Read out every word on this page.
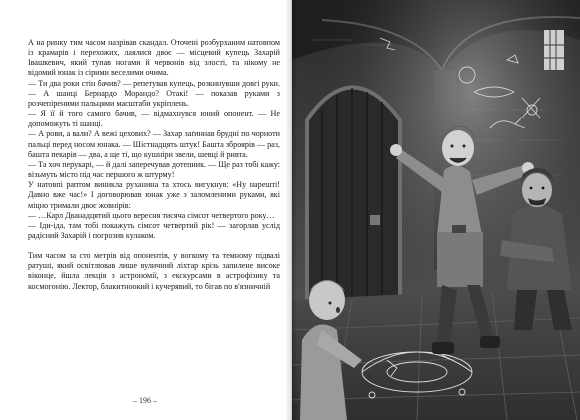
А на ринку тим часом назрівав скандал. Оточені розбурханим натовпом із крамарів і перехожих, лаялися двоє — місцевий купець Захарій Івашкевич, який тупав ногами й червонів від злості, та нікому не відомий юнак із сірими веселими очима.

— Ти два роки стін бачив? — репетував купець, розкинувши довгі руки. — А шанці Бернардо Морандо? Отакі! — показав руками з розчепіреними пальцями масштаби укріплень.

— Я її й того самого бачив, — відмахнувся юний опонент. — Не допоможуть ті шанці.

— А рови, а вали? А вежі цехових? — Захар заґиннав брудні по чорноти пальці перед носом юнака. — Шістнадцять штук! Башта зброярів — раз, башта пекарів — два, а ще ті, що кушніри звели, шевці й ривта.

— Та хоч перукарі, — й далі заперечував дотепник. — Ще раз тобі кажу: візьмуть місто під час першого ж штурму!

У натовпі раптом виникла руханина та хтось вигукнув: «Ну нарешті! Давно вже час!» І договорював юнак уже з заломленими руками, які міцно тримали двоє жовнірів:

— …Карл Дванадцятий цього вересня тисяча сімсот четвертого року…

— Іди-іда, там тобі покажуть сімсот четвертий рік! — загорлав услід радісний Захарій і погрозив кулаком.

Тим часом за сто метрів від опонентів, у вогкому та темному підвалі ратуші, який освітлював лише вуличний ліхтар крізь запилене високе віконце, йшла лекція з астрономії, з екскурсами в астрофізику та космогонію. Лектор, блакитноокий і кучерявий, то бігав по в'язничній

– 196 –
